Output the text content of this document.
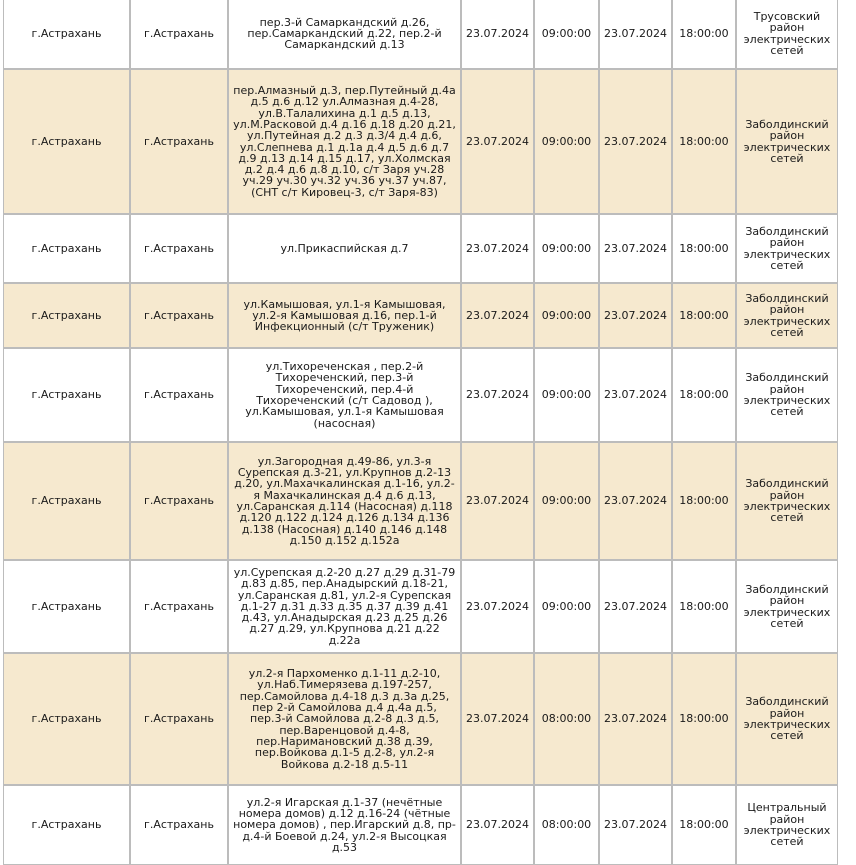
г.Астрахань	г.Астрахань	пер.3-й Самаркандский д.26, пер.Самаркандский д.22, пер.2-й Самаркандский д.13	23.07.2024	09:00:00	23.07.2024	18:00:00	Трусовский район электрических сетей
г.Астрахань	г.Астрахань	пер.Алмазный д.3, пер.Путейный д.4а д.5 д.6 д.12 ул.Алмазная д.4-28, ул.В.Талалихина д.1 д.5 д.13, ул.М.Расковой д.4 д.16 д.18 д.20 д.21, ул.Путейная д.2 д.3 д.3/4 д.4 д.6, ул.Слепнева д.1 д.1а д.4 д.5 д.6 д.7 д.9 д.13 д.14 д.15 д.17, ул.Холмская д.2 д.4 д.6 д.8 д.10, с/т Заря уч.28 уч.29 уч.30 уч.32 уч.36 уч.37 уч.87, (СНТ с/т Кировец-3, с/т Заря-83)	23.07.2024	09:00:00	23.07.2024	18:00:00	Заболдинский район электрических сетей
г.Астрахань	г.Астрахань	ул.Прикаспийская д.7	23.07.2024	09:00:00	23.07.2024	18:00:00	Заболдинский район электрических сетей
г.Астрахань	г.Астрахань	ул.Камышовая, ул.1-я Камышовая, ул.2-я Камышовая д.16, пер.1-й Инфекционный (с/т Труженик)	23.07.2024	09:00:00	23.07.2024	18:00:00	Заболдинский район электрических сетей
г.Астрахань	г.Астрахань	ул.Тихореченская , пер.2-й Тихореченский, пер.3-й Тихореченский, пер.4-й Тихореченский (с/т Садовод ), ул.Камышовая, ул.1-я Камышовая (насосная)	23.07.2024	09:00:00	23.07.2024	18:00:00	Заболдинский район электрических сетей
г.Астрахань	г.Астрахань	ул.Загородная д.49-86, ул.3-я Сурепская д.3-21, ул.Крупнов д.2-13 д.20, ул.Махачкалинская д.1-16, ул.2-я Махачкалинская д.4 д.6 д.13, ул.Саранская д.114 (Насосная) д.118 д.120 д.122 д.124 д.126 д.134 д.136 д.138 (Насосная) д.140 д.146 д.148 д.150 д.152 д.152а	23.07.2024	09:00:00	23.07.2024	18:00:00	Заболдинский район электрических сетей
г.Астрахань	г.Астрахань	ул.Сурепская д.2-20 д.27 д.29 д.31-79 д.83 д.85, пер.Анадырский д.18-21, ул.Саранская д.81, ул.2-я Сурепская д.1-27 д.31 д.33 д.35 д.37 д.39 д.41 д.43, ул.Анадырская д.23 д.25 д.26 д.27 д.29, ул.Крупнова д.21 д.22 д.22а	23.07.2024	09:00:00	23.07.2024	18:00:00	Заболдинский район электрических сетей
г.Астрахань	г.Астрахань	ул.2-я Пархоменко д.1-11 д.2-10, ул.Наб.Тимерязева д.197-257, пер.Самойлова д.4-18 д.3 д.3а д.25, пер 2-й Самойлова д.4 д.4а д.5, пер.3-й Самойлова д.2-8 д.3 д.5, пер.Варенцовой д.4-8, пер.Наримановский д.38 д.39, пер.Войкова д.1-5 д.2-8, ул.2-я Войкова д.2-18 д.5-11	23.07.2024	08:00:00	23.07.2024	18:00:00	Заболдинский район электрических сетей
г.Астрахань	г.Астрахань	ул.2-я Игарская д.1-37 (нечётные номера домов) д.12 д.16-24 (чётные номера домов) , пер.Игарский д.8, пр-д.4-й Боевой д.24, ул.2-я Высоцкая д.53	23.07.2024	08:00:00	23.07.2024	18:00:00	Центральный район электрических сетей
